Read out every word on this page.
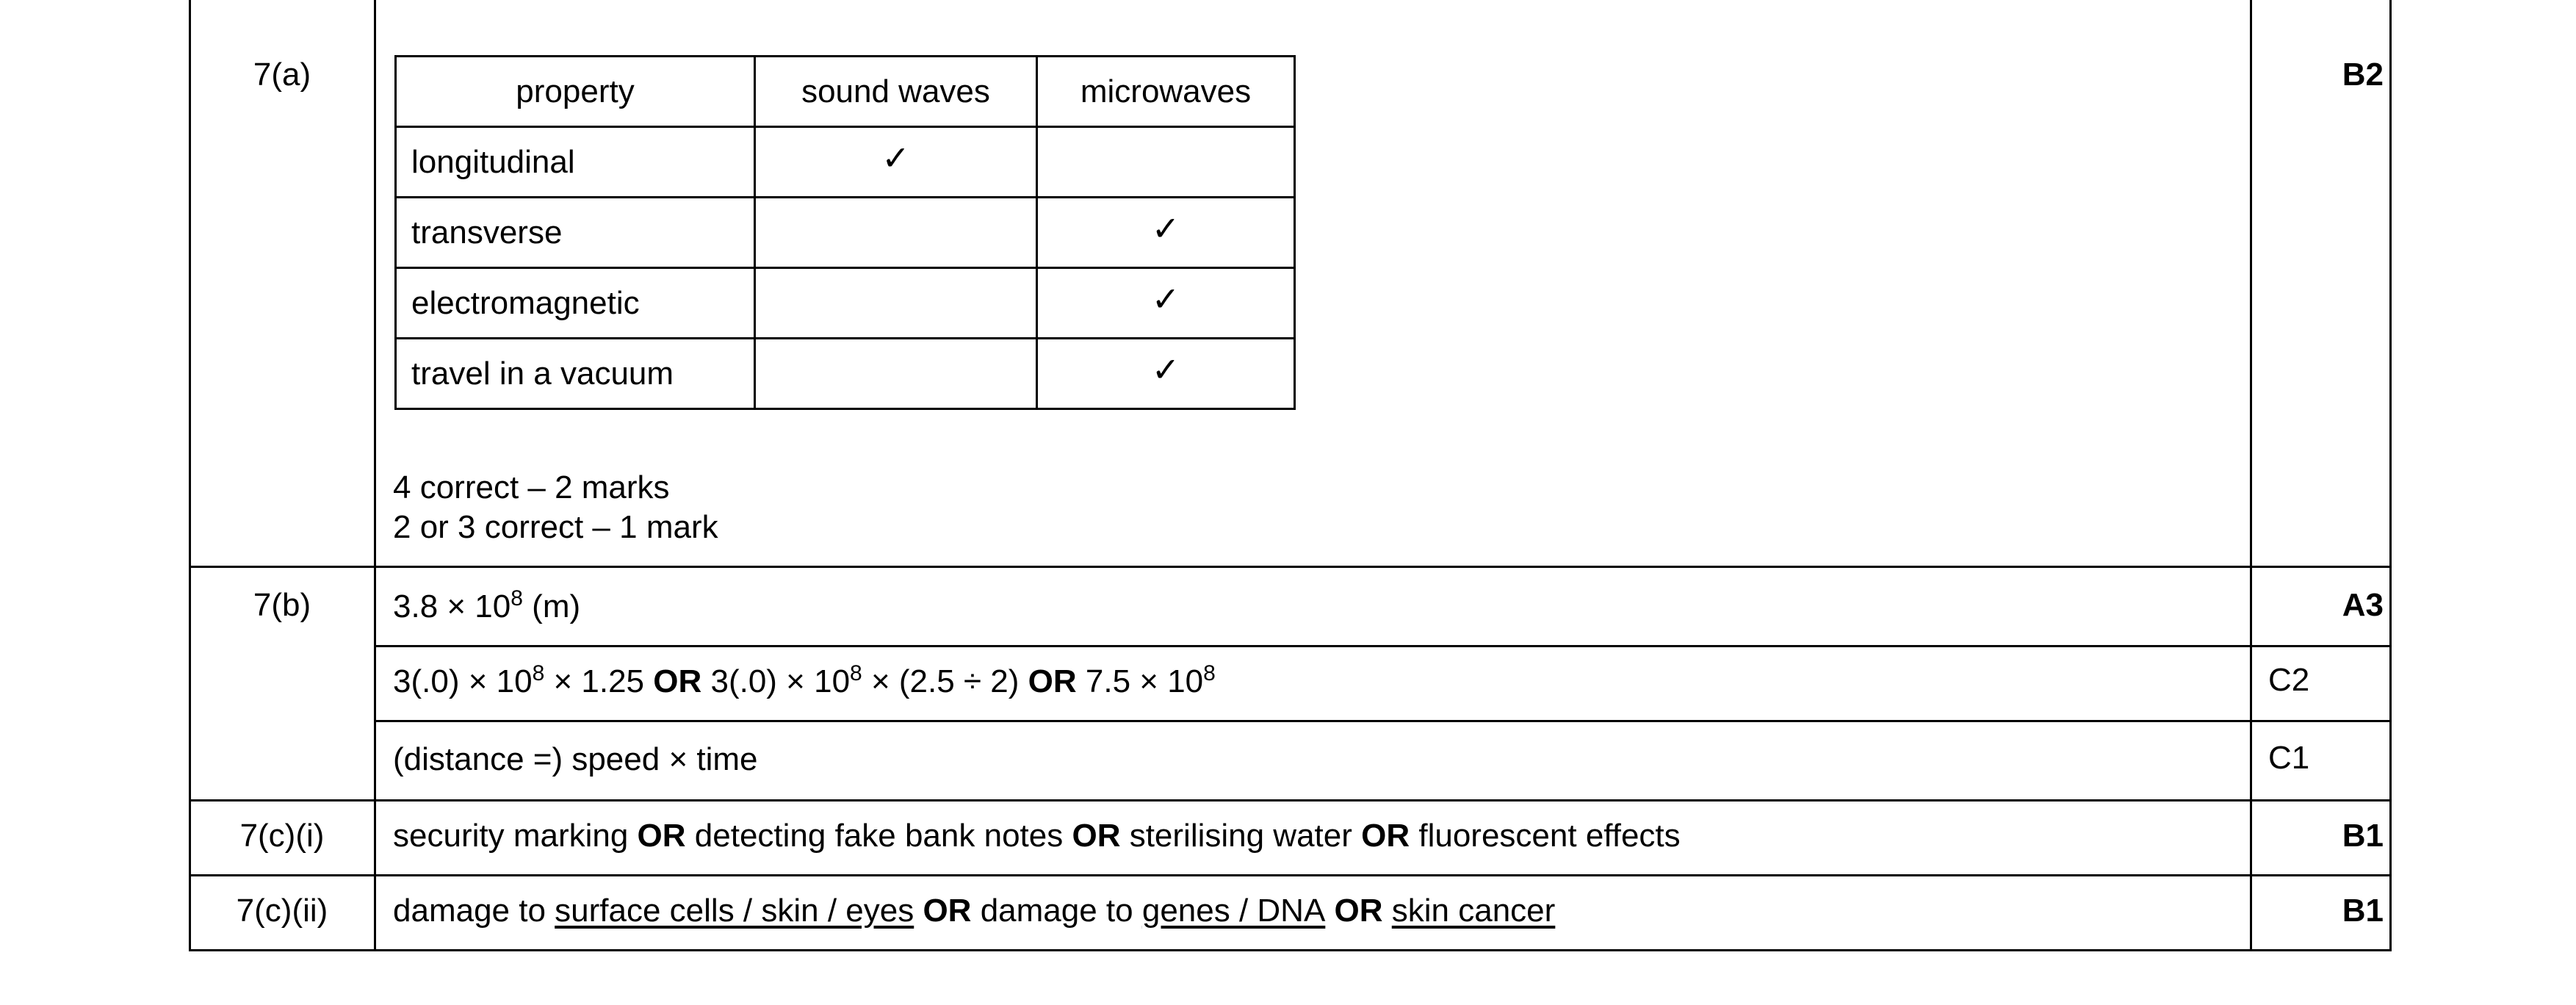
7(a)	property	sound waves	microwaves
longitudinal	✓	
transverse		✓
electromagnetic		✓
travel in a vacuum		✓
4 correct – 2 marks
2 or 3 correct – 1 mark
B2
7(b)	$3.8 \times 10^8$ (m)	A3
$3(.0) \times 10^8 \times 1.25$ OR $3(.0) \times 10^8 \times (2.5 \div 2)$ OR $7.5 \times 10^8$	C2
(distance =) speed × time	C1
7(c)(i)	security marking OR detecting fake bank notes OR sterilising water OR fluorescent effects	B1
7(c)(ii)	damage to surface cells / skin / eyes OR damage to genes / DNA OR skin cancer	B1
